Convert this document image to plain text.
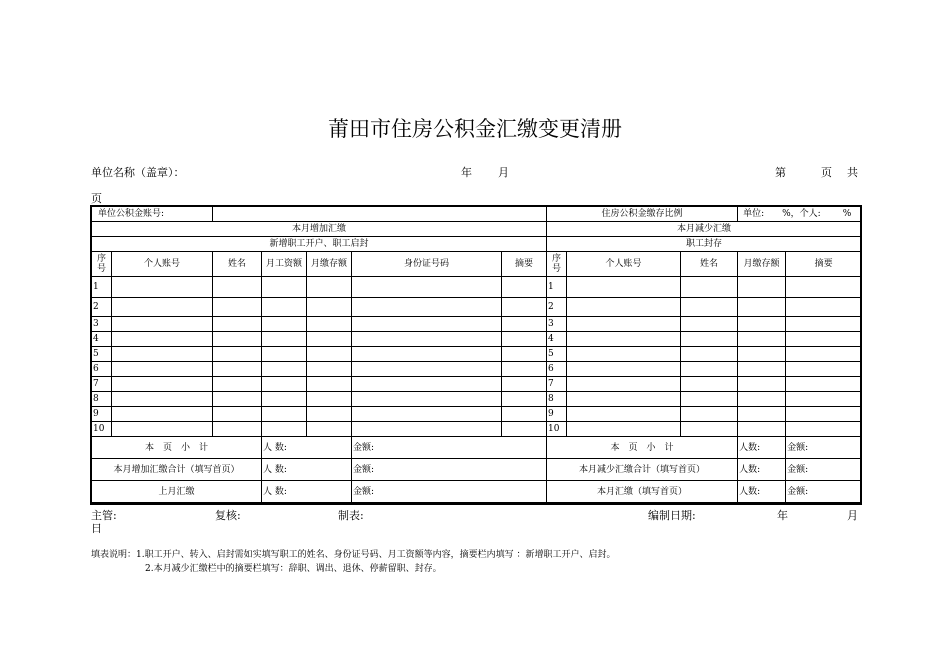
莆田市住房公积金汇缴变更清册
单位名称（盖章）：	年 月	第	页 共
页
单位公积金账号:							住房公积金缴存比例			单位: %，个人: %	
本月增加汇缴							本月减少汇缴				
新增职工开户、职工启封							职工封存				
序号	个人账号	姓名	月工资额	月缴存额	身份证号码	摘要	序号	个人账号	姓名	月缴存额	摘要
1							1				
2							2				
3							3				
4							4				
5							5				
6							6				
7							7				
8							8				
9							9				
10							10				
本　页　小　计			人 数:		金额:		本　页　小　计			人数:	金额:
本月增加汇缴合计（填写首页）			人 数:		金额:		本月减少汇缴合计（填写首页）			人数:	金额:
上月汇缴			人 数:		金额:		本月汇缴（填写首页）			人数:	金额:
主管:	复核:	制表:	编制日期:	年	月
日
填表说明：1.职工开户、转入、启封需如实填写职工的姓名、身份证号码、月工资额等内容，摘要栏内填写 ：新增职工开户、启封。
2.本月减少汇缴栏中的摘要栏填写：辞职、调出、退休、停薪留职、封存。
